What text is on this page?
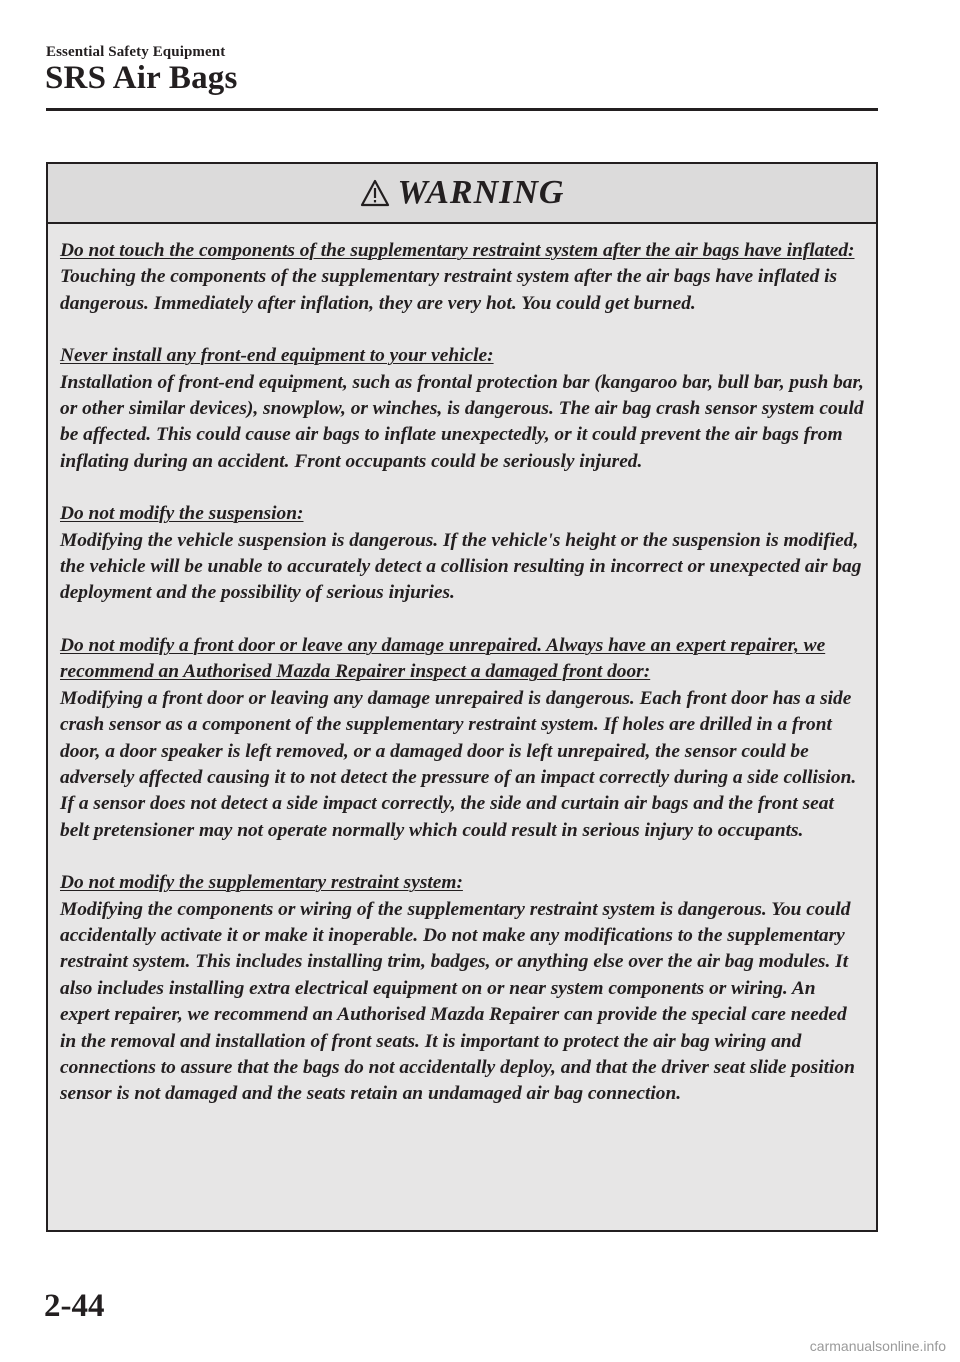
Essential Safety Equipment
SRS Air Bags
WARNING
Do not touch the components of the supplementary restraint system after the air bags have inflated:
Touching the components of the supplementary restraint system after the air bags have inflated is dangerous. Immediately after inflation, they are very hot. You could get burned.
Never install any front-end equipment to your vehicle:
Installation of front-end equipment, such as frontal protection bar (kangaroo bar, bull bar, push bar, or other similar devices), snowplow, or winches, is dangerous. The air bag crash sensor system could be affected. This could cause air bags to inflate unexpectedly, or it could prevent the air bags from inflating during an accident. Front occupants could be seriously injured.
Do not modify the suspension:
Modifying the vehicle suspension is dangerous. If the vehicle's height or the suspension is modified, the vehicle will be unable to accurately detect a collision resulting in incorrect or unexpected air bag deployment and the possibility of serious injuries.
Do not modify a front door or leave any damage unrepaired. Always have an expert repairer, we recommend an Authorised Mazda Repairer inspect a damaged front door:
Modifying a front door or leaving any damage unrepaired is dangerous. Each front door has a side crash sensor as a component of the supplementary restraint system. If holes are drilled in a front door, a door speaker is left removed, or a damaged door is left unrepaired, the sensor could be adversely affected causing it to not detect the pressure of an impact correctly during a side collision. If a sensor does not detect a side impact correctly, the side and curtain air bags and the front seat belt pretensioner may not operate normally which could result in serious injury to occupants.
Do not modify the supplementary restraint system:
Modifying the components or wiring of the supplementary restraint system is dangerous. You could accidentally activate it or make it inoperable. Do not make any modifications to the supplementary restraint system. This includes installing trim, badges, or anything else over the air bag modules. It also includes installing extra electrical equipment on or near system components or wiring. An expert repairer, we recommend an Authorised Mazda Repairer can provide the special care needed in the removal and installation of front seats. It is important to protect the air bag wiring and connections to assure that the bags do not accidentally deploy, and that the driver seat slide position sensor is not damaged and the seats retain an undamaged air bag connection.
2-44
carmanualsonline.info
